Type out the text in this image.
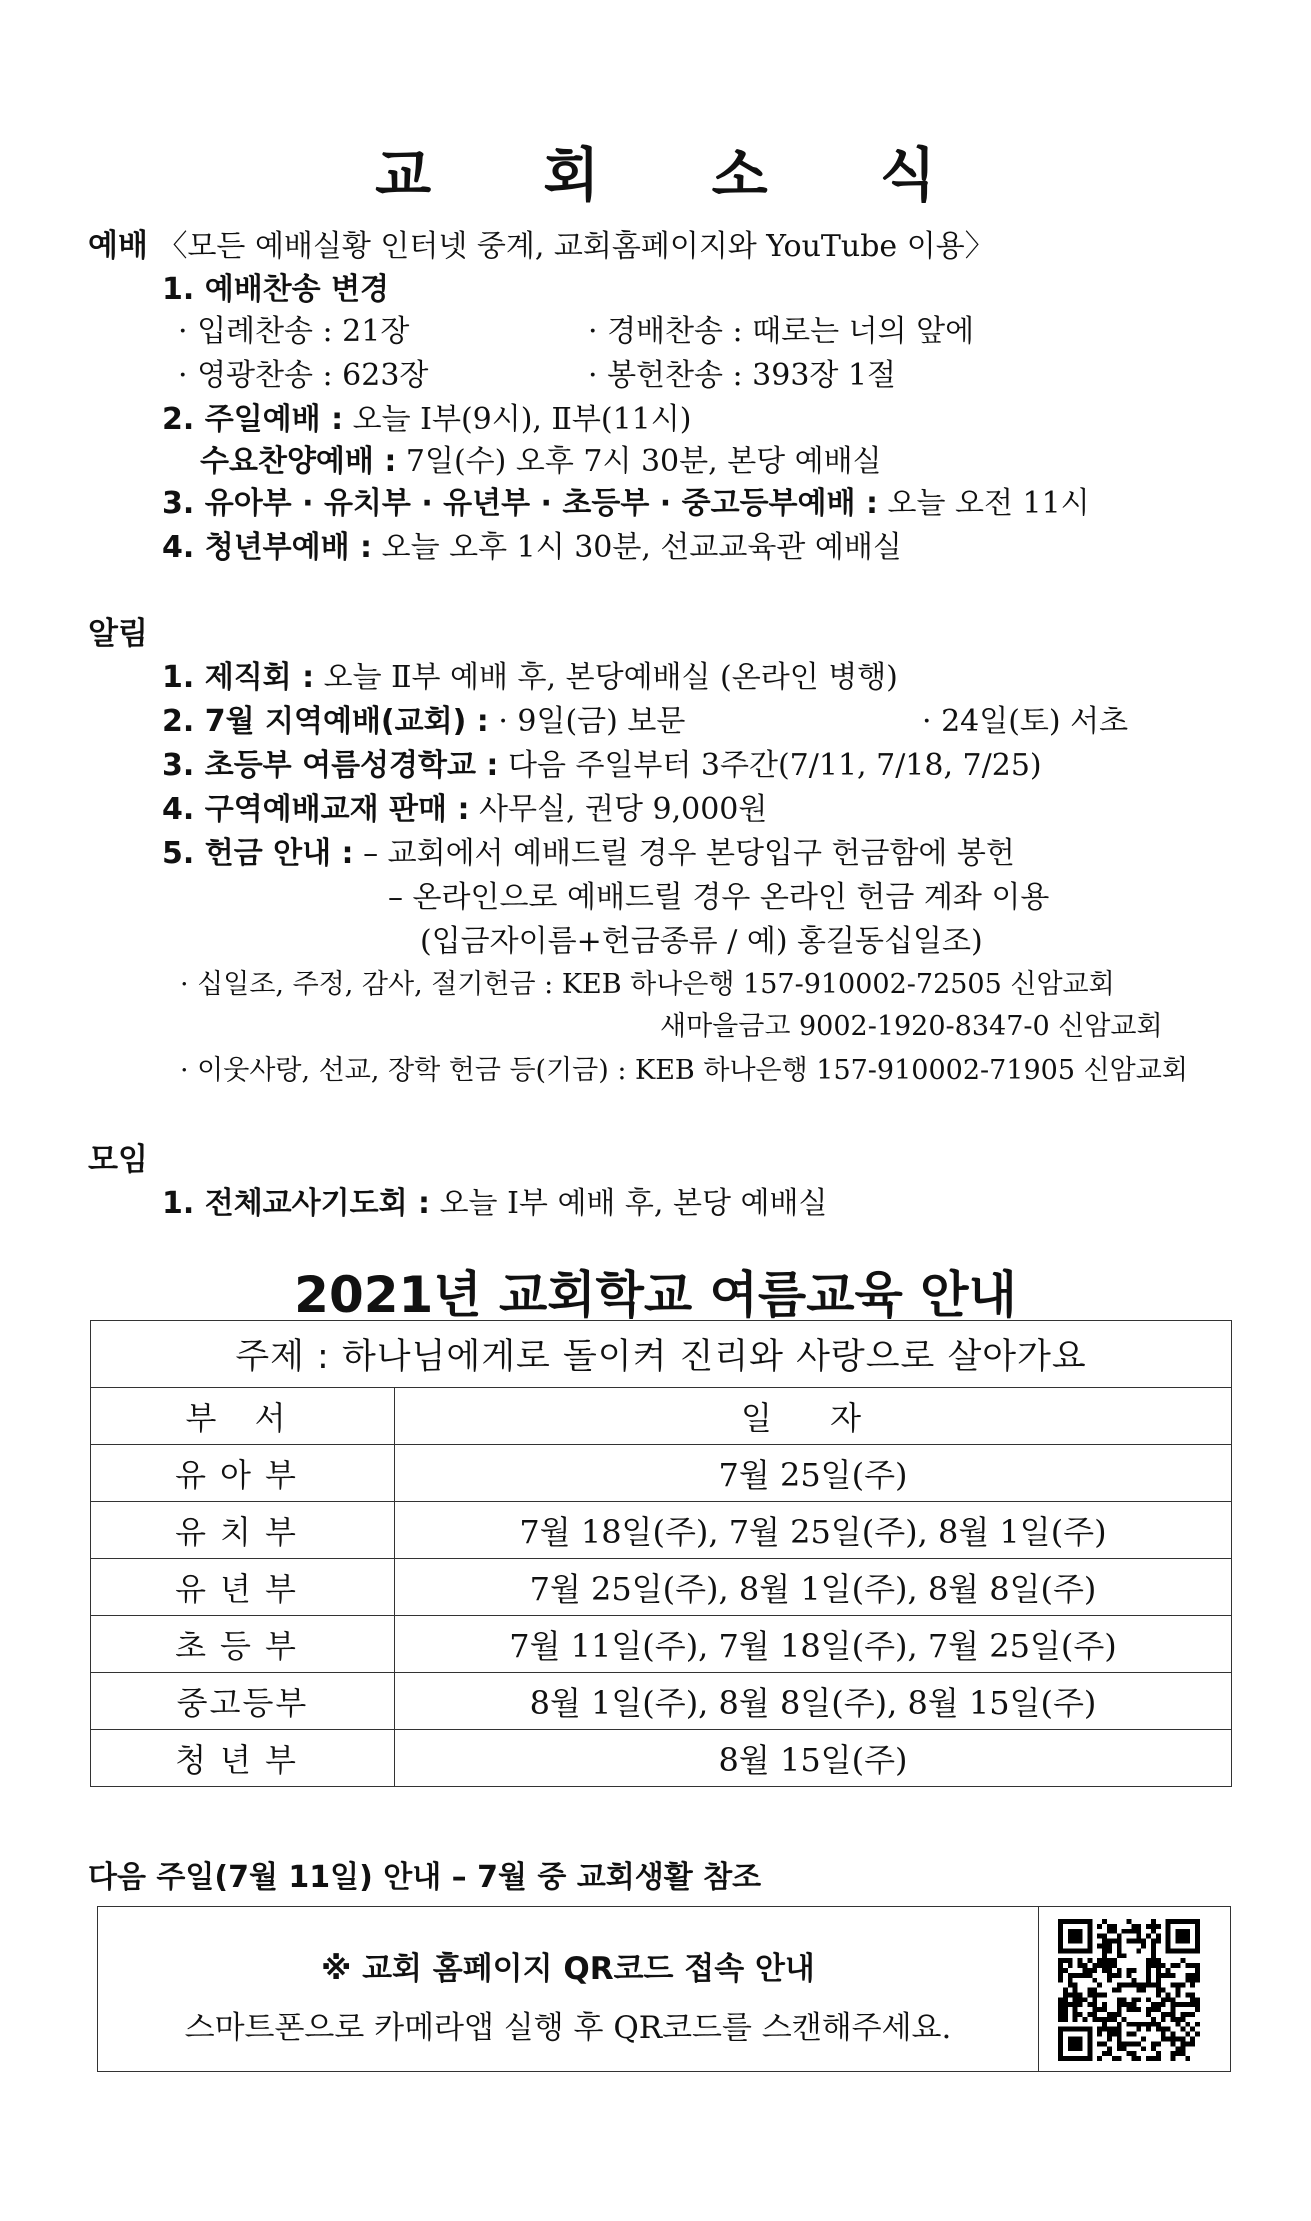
교 회 소 식
예배 〈모든 예배실황 인터넷 중계, 교회홈페이지와 YouTube 이용〉
1. 예배찬송 변경
· 입례찬송 : 21장	· 경배찬송 : 때로는 너의 앞에
· 영광찬송 : 623장	· 봉헌찬송 : 393장 1절
2. 주일예배 : 오늘 Ⅰ부(9시), Ⅱ부(11시)
수요찬양예배 : 7일(수) 오후 7시 30분, 본당 예배실
3. 유아부 · 유치부 · 유년부 · 초등부 · 중고등부예배 : 오늘 오전 11시
4. 청년부예배 : 오늘 오후 1시 30분, 선교교육관 예배실
알림
1. 제직회 : 오늘 Ⅱ부 예배 후, 본당예배실 (온라인 병행)
2. 7월 지역예배(교회) : · 9일(금) 보문	· 24일(토) 서초
3. 초등부 여름성경학교 : 다음 주일부터 3주간(7/11, 7/18, 7/25)
4. 구역예배교재 판매 : 사무실, 권당 9,000원
5. 헌금 안내 : – 교회에서 예배드릴 경우 본당입구 헌금함에 봉헌
– 온라인으로 예배드릴 경우 온라인 헌금 계좌 이용
(입금자이름+헌금종류 / 예) 홍길동십일조)
· 십일조, 주정, 감사, 절기헌금 : KEB 하나은행 157-910002-72505 신암교회
새마을금고 9002-1920-8347-0 신암교회
· 이웃사랑, 선교, 장학 헌금 등(기금) : KEB 하나은행 157-910002-71905 신암교회
모임
1. 전체교사기도회 : 오늘 Ⅰ부 예배 후, 본당 예배실
2021년 교회학교 여름교육 안내
주제 : 하나님에게로 돌이켜 진리와 사랑으로 살아가요	
부 서	일 자
유아부	7월 25일(주)
유치부	7월 18일(주), 7월 25일(주), 8월 1일(주)
유년부	7월 25일(주), 8월 1일(주), 8월 8일(주)
초등부	7월 11일(주), 7월 18일(주), 7월 25일(주)
중고등부	8월 1일(주), 8월 8일(주), 8월 15일(주)
청년부	8월 15일(주)
다음 주일(7월 11일) 안내 – 7월 중 교회생활 참조
※ 교회 홈페이지 QR코드 접속 안내
스마트폰으로 카메라앱 실행 후 QR코드를 스캔해주세요.
